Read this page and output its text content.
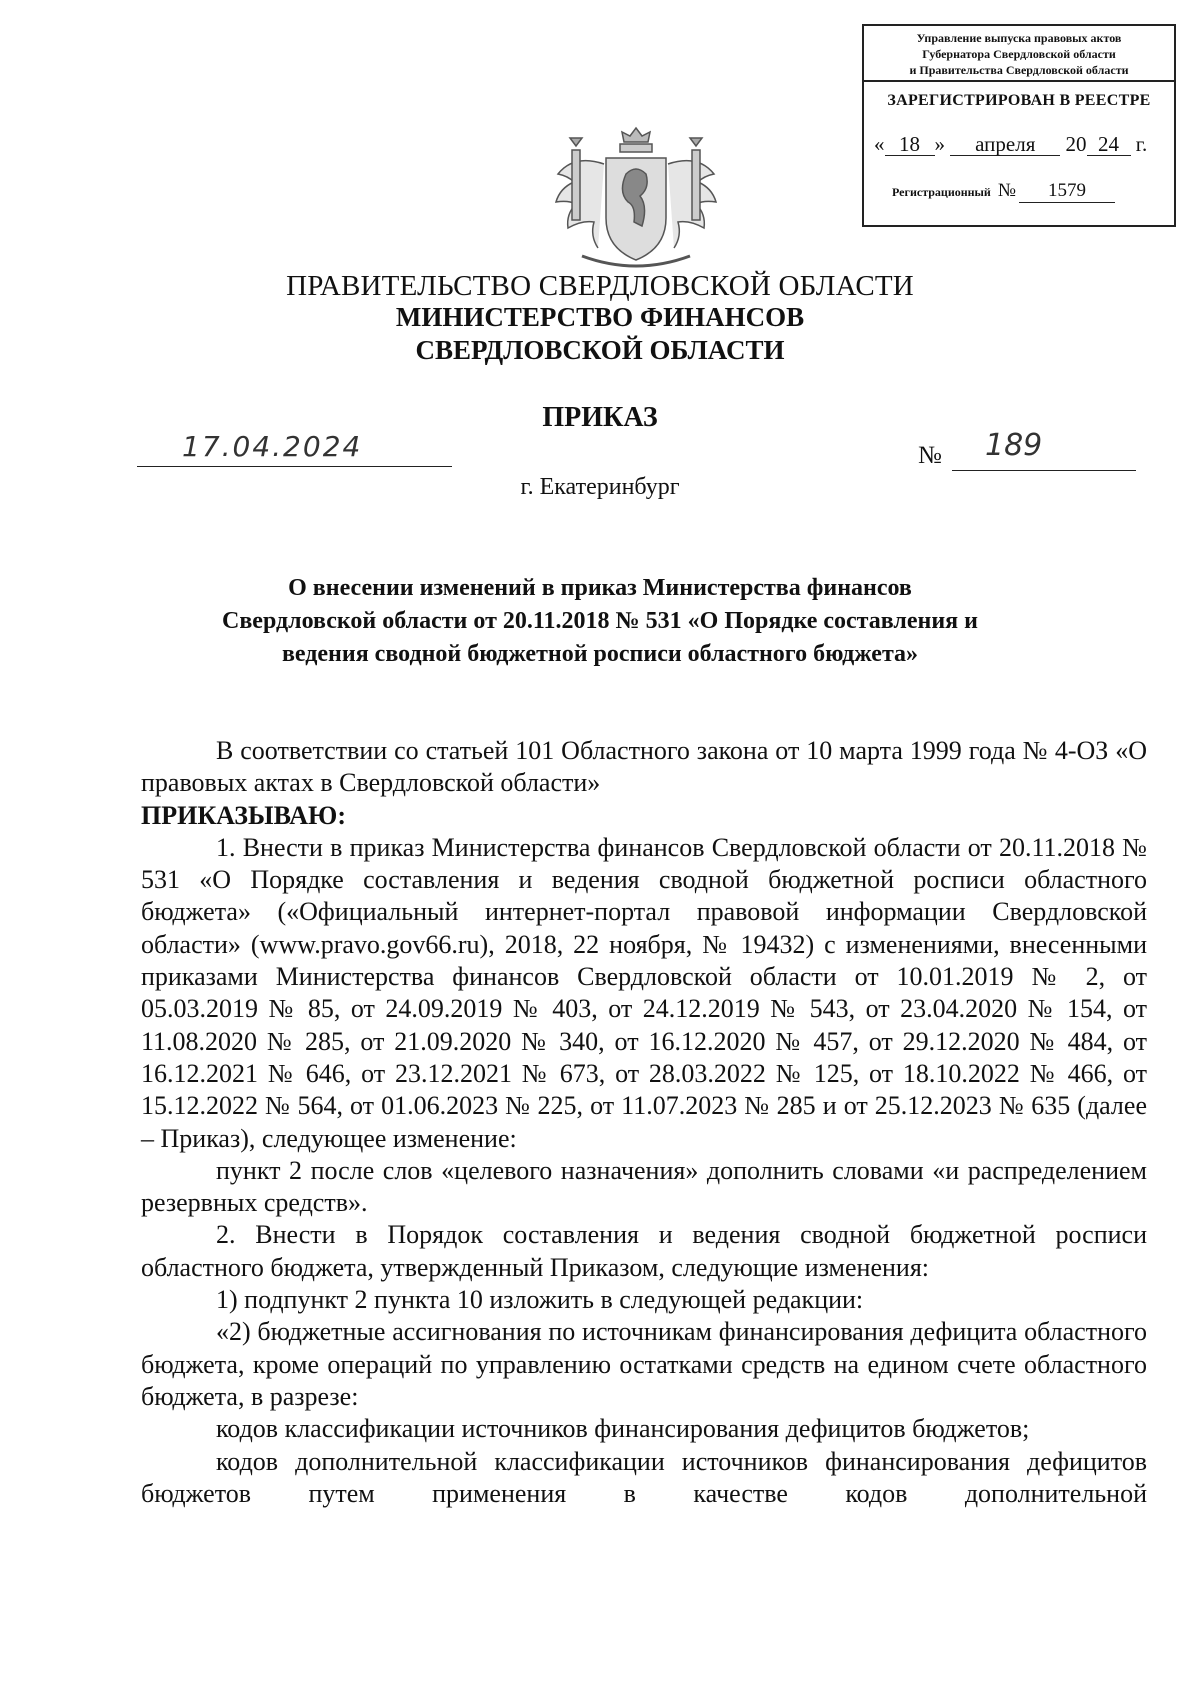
Управление выпуска правовых актов
Губернатора Свердловской области
и Правительства Свердловской области
ЗАРЕГИСТРИРОВАН В РЕЕСТРЕ
« 18 » апреля 20 24 г.
Регистрационный № 1579
ПРАВИТЕЛЬСТВО СВЕРДЛОВСКОЙ ОБЛАСТИ
МИНИСТЕРСТВО ФИНАНСОВ
СВЕРДЛОВСКОЙ ОБЛАСТИ
ПРИКАЗ
17.04.2024	№ 189
г. Екатеринбург
О внесении изменений в приказ Министерства финансов
Свердловской области от 20.11.2018 № 531 «О Порядке составления и
ведения сводной бюджетной росписи областного бюджета»

В соответствии со статьей 101 Областного закона от 10 марта 1999 года № 4-ОЗ «О правовых актах в Свердловской области»

ПРИКАЗЫВАЮ:

1. Внести в приказ Министерства финансов Свердловской области от 20.11.2018 № 531 «О Порядке составления и ведения сводной бюджетной росписи областного бюджета» («Официальный интернет-портал правовой информации Свердловской области» (www.pravo.gov66.ru), 2018, 22 ноября, № 19432) с изменениями, внесенными приказами Министерства финансов Свердловской области от 10.01.2019 № 2, от 05.03.2019 № 85, от 24.09.2019 № 403, от 24.12.2019 № 543, от 23.04.2020 № 154, от 11.08.2020 № 285, от 21.09.2020 № 340, от 16.12.2020 № 457, от 29.12.2020 № 484, от 16.12.2021 № 646, от 23.12.2021 № 673, от 28.03.2022 № 125, от 18.10.2022 № 466, от 15.12.2022 № 564, от 01.06.2023 № 225, от 11.07.2023 № 285 и от 25.12.2023 № 635 (далее – Приказ), следующее изменение:

пункт 2 после слов «целевого назначения» дополнить словами «и распределением резервных средств».

2. Внести в Порядок составления и ведения сводной бюджетной росписи областного бюджета, утвержденный Приказом, следующие изменения:

1) подпункт 2 пункта 10 изложить в следующей редакции:

«2) бюджетные ассигнования по источникам финансирования дефицита областного бюджета, кроме операций по управлению остатками средств на едином счете областного бюджета, в разрезе:

кодов классификации источников финансирования дефицитов бюджетов;

кодов дополнительной классификации источников финансирования дефицитов бюджетов путем применения в качестве кодов дополнительной
